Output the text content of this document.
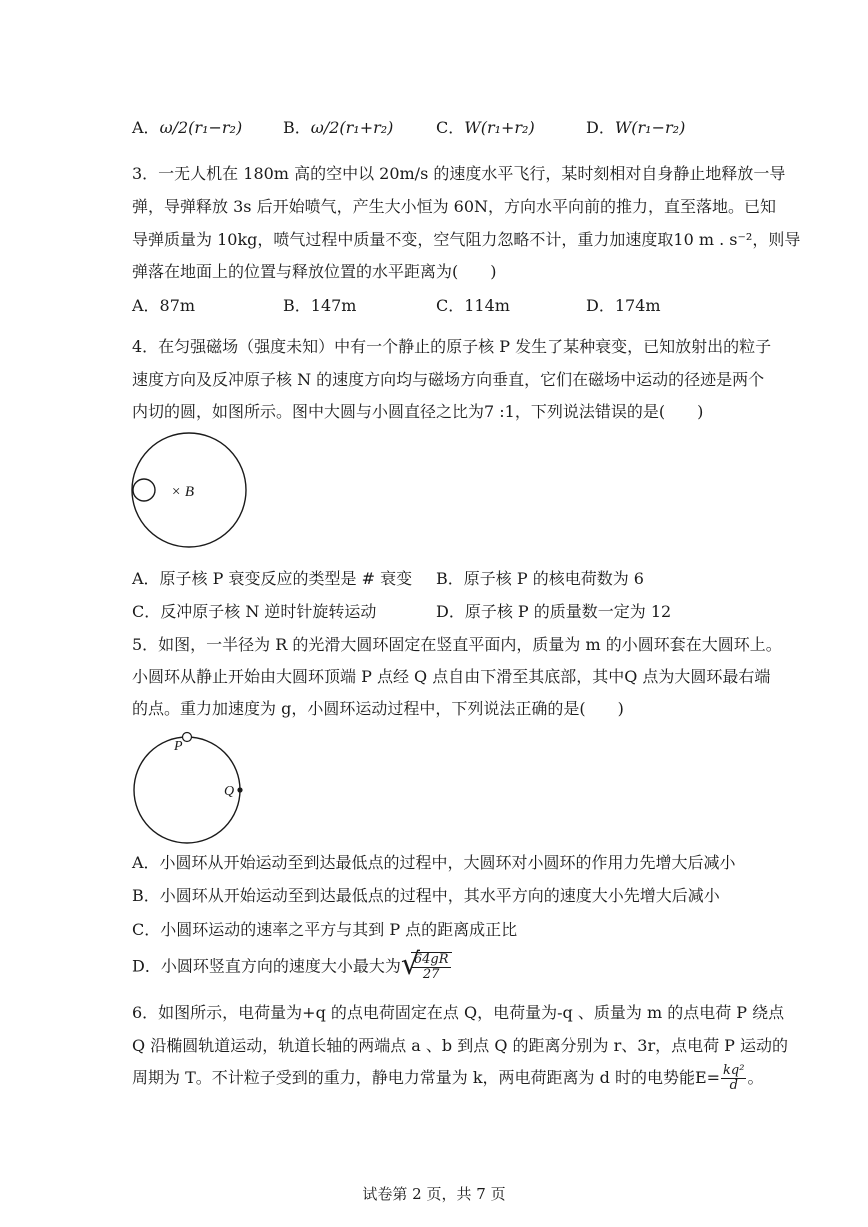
A．ω/2(r₁−r₂)	B．ω/2(r₁+r₂)	C．W(r₁+r₂)	D．W(r₁−r₂)
3．一无人机在 180m 高的空中以 20m/s 的速度水平飞行，某时刻相对自身静止地释放一导
弹，导弹释放 3s 后开始喷气，产生大小恒为 60N，方向水平向前的推力，直至落地。已知
导弹质量为 10kg，喷气过程中质量不变，空气阻力忽略不计，重力加速度取10 m . s⁻²，则导
弹落在地面上的位置与释放位置的水平距离为(　　)
A．87m	B．147m	C．114m	D．174m
4．在匀强磁场（强度未知）中有一个静止的原子核 P 发生了某种衰变，已知放射出的粒子
速度方向及反冲原子核 N 的速度方向均与磁场方向垂直，它们在磁场中运动的径迹是两个
内切的圆，如图所示。图中大圆与小圆直径之比为7 :1，下列说法错误的是(　　)
× B
A．原子核 P 衰变反应的类型是 # 衰变 B．原子核 P 的核电荷数为 6
C．反冲原子核 N 逆时针旋转运动	D．原子核 P 的质量数一定为 12
5．如图，一半径为 R 的光滑大圆环固定在竖直平面内，质量为 m 的小圆环套在大圆环上。
小圆环从静止开始由大圆环顶端 P 点经 Q 点自由下滑至其底部，其中Q 点为大圆环最右端
的点。重力加速度为 g，小圆环运动过程中，下列说法正确的是(　　)
P
Q
A．小圆环从开始运动至到达最低点的过程中，大圆环对小圆环的作用力先增大后减小
B．小圆环从开始运动至到达最低点的过程中，其水平方向的速度大小先增大后减小
C．小圆环运动的速率之平方与其到 P 点的距离成正比
D．小圆环竖直方向的速度大小最大为 √
$\frac{64gR}{27}$
6．如图所示，电荷量为+q 的点电荷固定在点 Q，电荷量为-q 、质量为 m 的点电荷 P 绕点
Q 沿椭圆轨道运动，轨道长轴的两端点 a 、b 到点 Q 的距离分别为 r、3r，点电荷 P 运动的
周期为 T。不计粒子受到的重力，静电力常量为 k，两电荷距离为 d 时的电势能$E= \frac{\text{kq²}}{d}$ 。
试卷第 2 页，共 7 页
